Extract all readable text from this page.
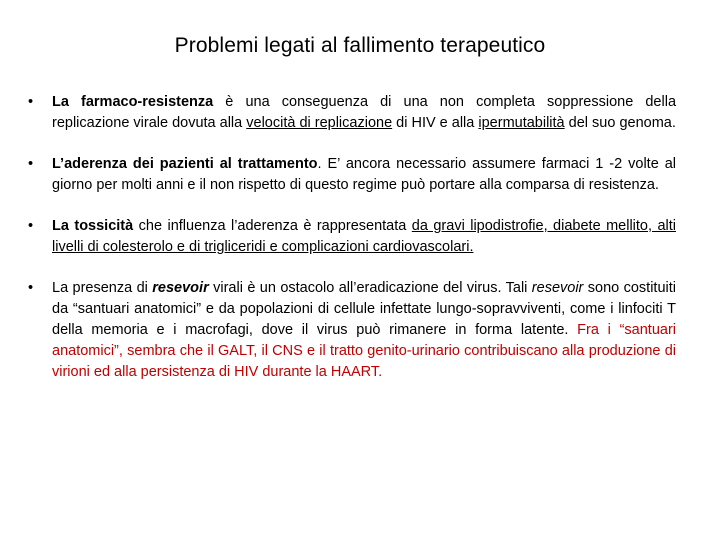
Problemi legati al fallimento terapeutico
•	La farmaco-resistenza è una conseguenza di una non completa soppressione della replicazione virale dovuta alla velocità di replicazione di HIV e alla ipermutabilità del suo genoma.
•	L’aderenza dei pazienti al trattamento. E’ ancora necessario assumere farmaci 1 -2 volte al giorno per molti anni e il non rispetto di questo regime può portare alla comparsa di resistenza.
•	La tossicità che influenza l’aderenza è rappresentata da gravi lipodistrofie, diabete mellito, alti livelli di colesterolo e di trigliceridi e complicazioni cardiovascolari.
•	La presenza di resevoir virali è un ostacolo all’eradicazione del virus. Tali resevoir sono costituiti da “santuari anatomici” e da popolazioni di cellule infettate lungo-sopravviventi, come i linfociti T della memoria e i macrofagi, dove il virus può rimanere in forma latente. Fra i “santuari anatomici”, sembra che il GALT, il CNS e il tratto genito-urinario contribuiscano alla produzione di virioni ed alla persistenza di HIV durante la HAART.
